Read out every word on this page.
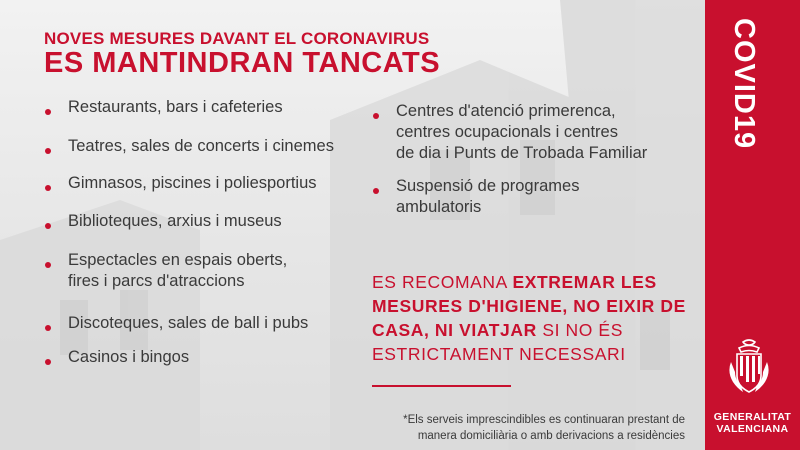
NOVES MESURES DAVANT EL CORONAVIRUS
ES MANTINDRAN TANCATS
Restaurants, bars i cafeteries
Teatres, sales de concerts i cinemes
Gimnasos, piscines i poliesportius
Biblioteques, arxius i museus
Espectacles en espais oberts,
fires i parcs d'atraccions
Discoteques, sales de ball i pubs
Casinos i bingos
Centres d'atenció primerenca,
centres ocupacionals i centres
de dia i Punts de Trobada Familiar
Suspensió de programes
ambulatoris
ES RECOMANA EXTREMAR LES MESURES D'HIGIENE, NO EIXIR DE CASA, NI VIATJAR SI NO ÉS ESTRICTAMENT NECESSARI
*Els serveis imprescindibles es continuaran prestant de
manera domiciliària o amb derivacions a residències
COVID19
GENERALITAT
VALENCIANA
